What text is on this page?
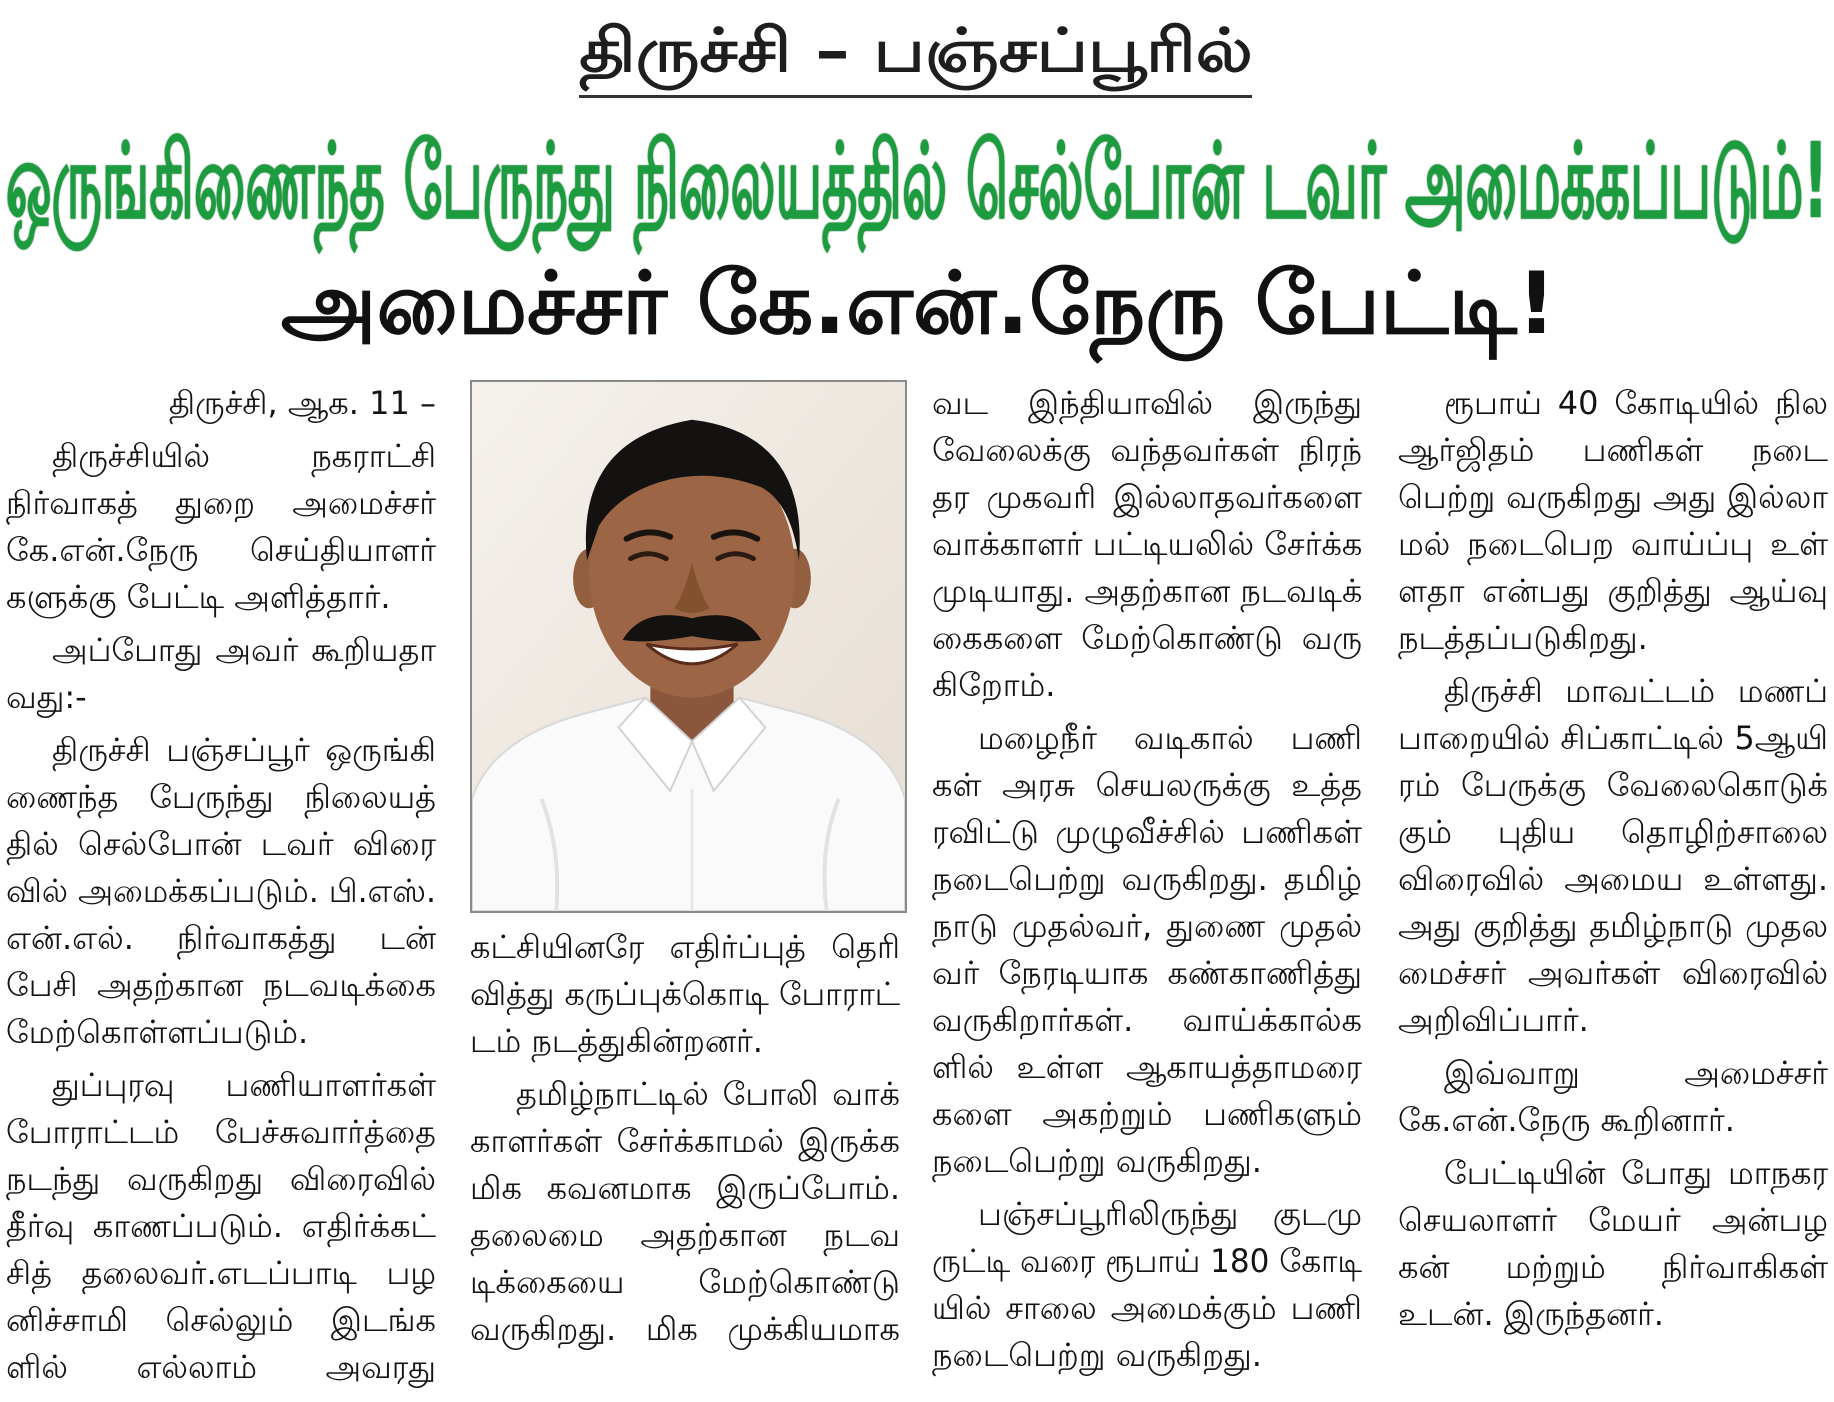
திருச்சி – பஞ்சப்பூரில்
ஒருங்கிணைந்த பேருந்து நிலையத்தில் செல்போன் டவர் அமைக்கப்படும்!
அமைச்சர் கே.என்.நேரு பேட்டி!
திருச்சி, ஆக. 11 –
திருச்சியில் நகராட்சி
நிர்வாகத் துறை அமைச்சர்
கே.என்.நேரு செய்தியாளர்
களுக்கு பேட்டி அளித்தார்.
அப்போது அவர் கூறியதா
வது:-
திருச்சி பஞ்சப்பூர் ஒருங்கி
ணைந்த பேருந்து நிலையத்
தில் செல்போன் டவர் விரை
வில் அமைக்கப்படும். பி.எஸ்.
என்.எல். நிர்வாகத்து டன்
பேசி அதற்கான நடவடிக்கை
மேற்கொள்ளப்படும்.
துப்புரவு பணியாளர்கள்
போராட்டம் பேச்சுவார்த்தை
நடந்து வருகிறது விரைவில்
தீர்வு காணப்படும். எதிர்க்கட்
சித் தலைவர்.எடப்பாடி பழ
னிச்சாமி செல்லும் இடங்க
ளில் எல்லாம் அவரது
கட்சியினரே எதிர்ப்புத் தெரி
வித்து கருப்புக்கொடி போராட்
டம் நடத்துகின்றனர்.
தமிழ்நாட்டில் போலி வாக்
காளர்கள் சேர்க்காமல் இருக்க
மிக கவனமாக இருப்போம்.
தலைமை அதற்கான நடவ
டிக்கையை மேற்கொண்டு
வருகிறது. மிக முக்கியமாக
வட இந்தியாவில் இருந்து
வேலைக்கு வந்தவர்கள் நிரந்
தர முகவரி இல்லாதவர்களை
வாக்காளர் பட்டியலில் சேர்க்க
முடியாது. அதற்கான நடவடிக்
கைகளை மேற்கொண்டு வரு
கிறோம்.
மழைநீர் வடிகால் பணி
கள் அரசு செயலருக்கு உத்த
ரவிட்டு முழுவீச்சில் பணிகள்
நடைபெற்று வருகிறது. தமிழ்
நாடு முதல்வர், துணை முதல்
வர் நேரடியாக கண்காணித்து
வருகிறார்கள். வாய்க்கால்க
ளில் உள்ள ஆகாயத்தாமரை
களை அகற்றும் பணிகளும்
நடைபெற்று வருகிறது.
பஞ்சப்பூரிலிருந்து குடமு
ருட்டி வரை ரூபாய் 180 கோடி
யில் சாலை அமைக்கும் பணி
நடைபெற்று வருகிறது.
ரூபாய் 40 கோடியில் நில
ஆர்ஜிதம் பணிகள் நடை
பெற்று வருகிறது அது இல்லா
மல் நடைபெற வாய்ப்பு உள்
ளதா என்பது குறித்து ஆய்வு
நடத்தப்படுகிறது.
திருச்சி மாவட்டம் மணப்
பாறையில் சிப்காட்டில் 5ஆயி
ரம் பேருக்கு வேலைகொடுக்
கும் புதிய தொழிற்சாலை
விரைவில் அமைய உள்ளது.
அது குறித்து தமிழ்நாடு முதல
மைச்சர் அவர்கள் விரைவில்
அறிவிப்பார்.
இவ்வாறு அமைச்சர்
கே.என்.நேரு கூறினார்.
பேட்டியின் போது மாநகர
செயலாளர் மேயர் அன்பழ
கன் மற்றும் நிர்வாகிகள்
உடன். இருந்தனர்.
